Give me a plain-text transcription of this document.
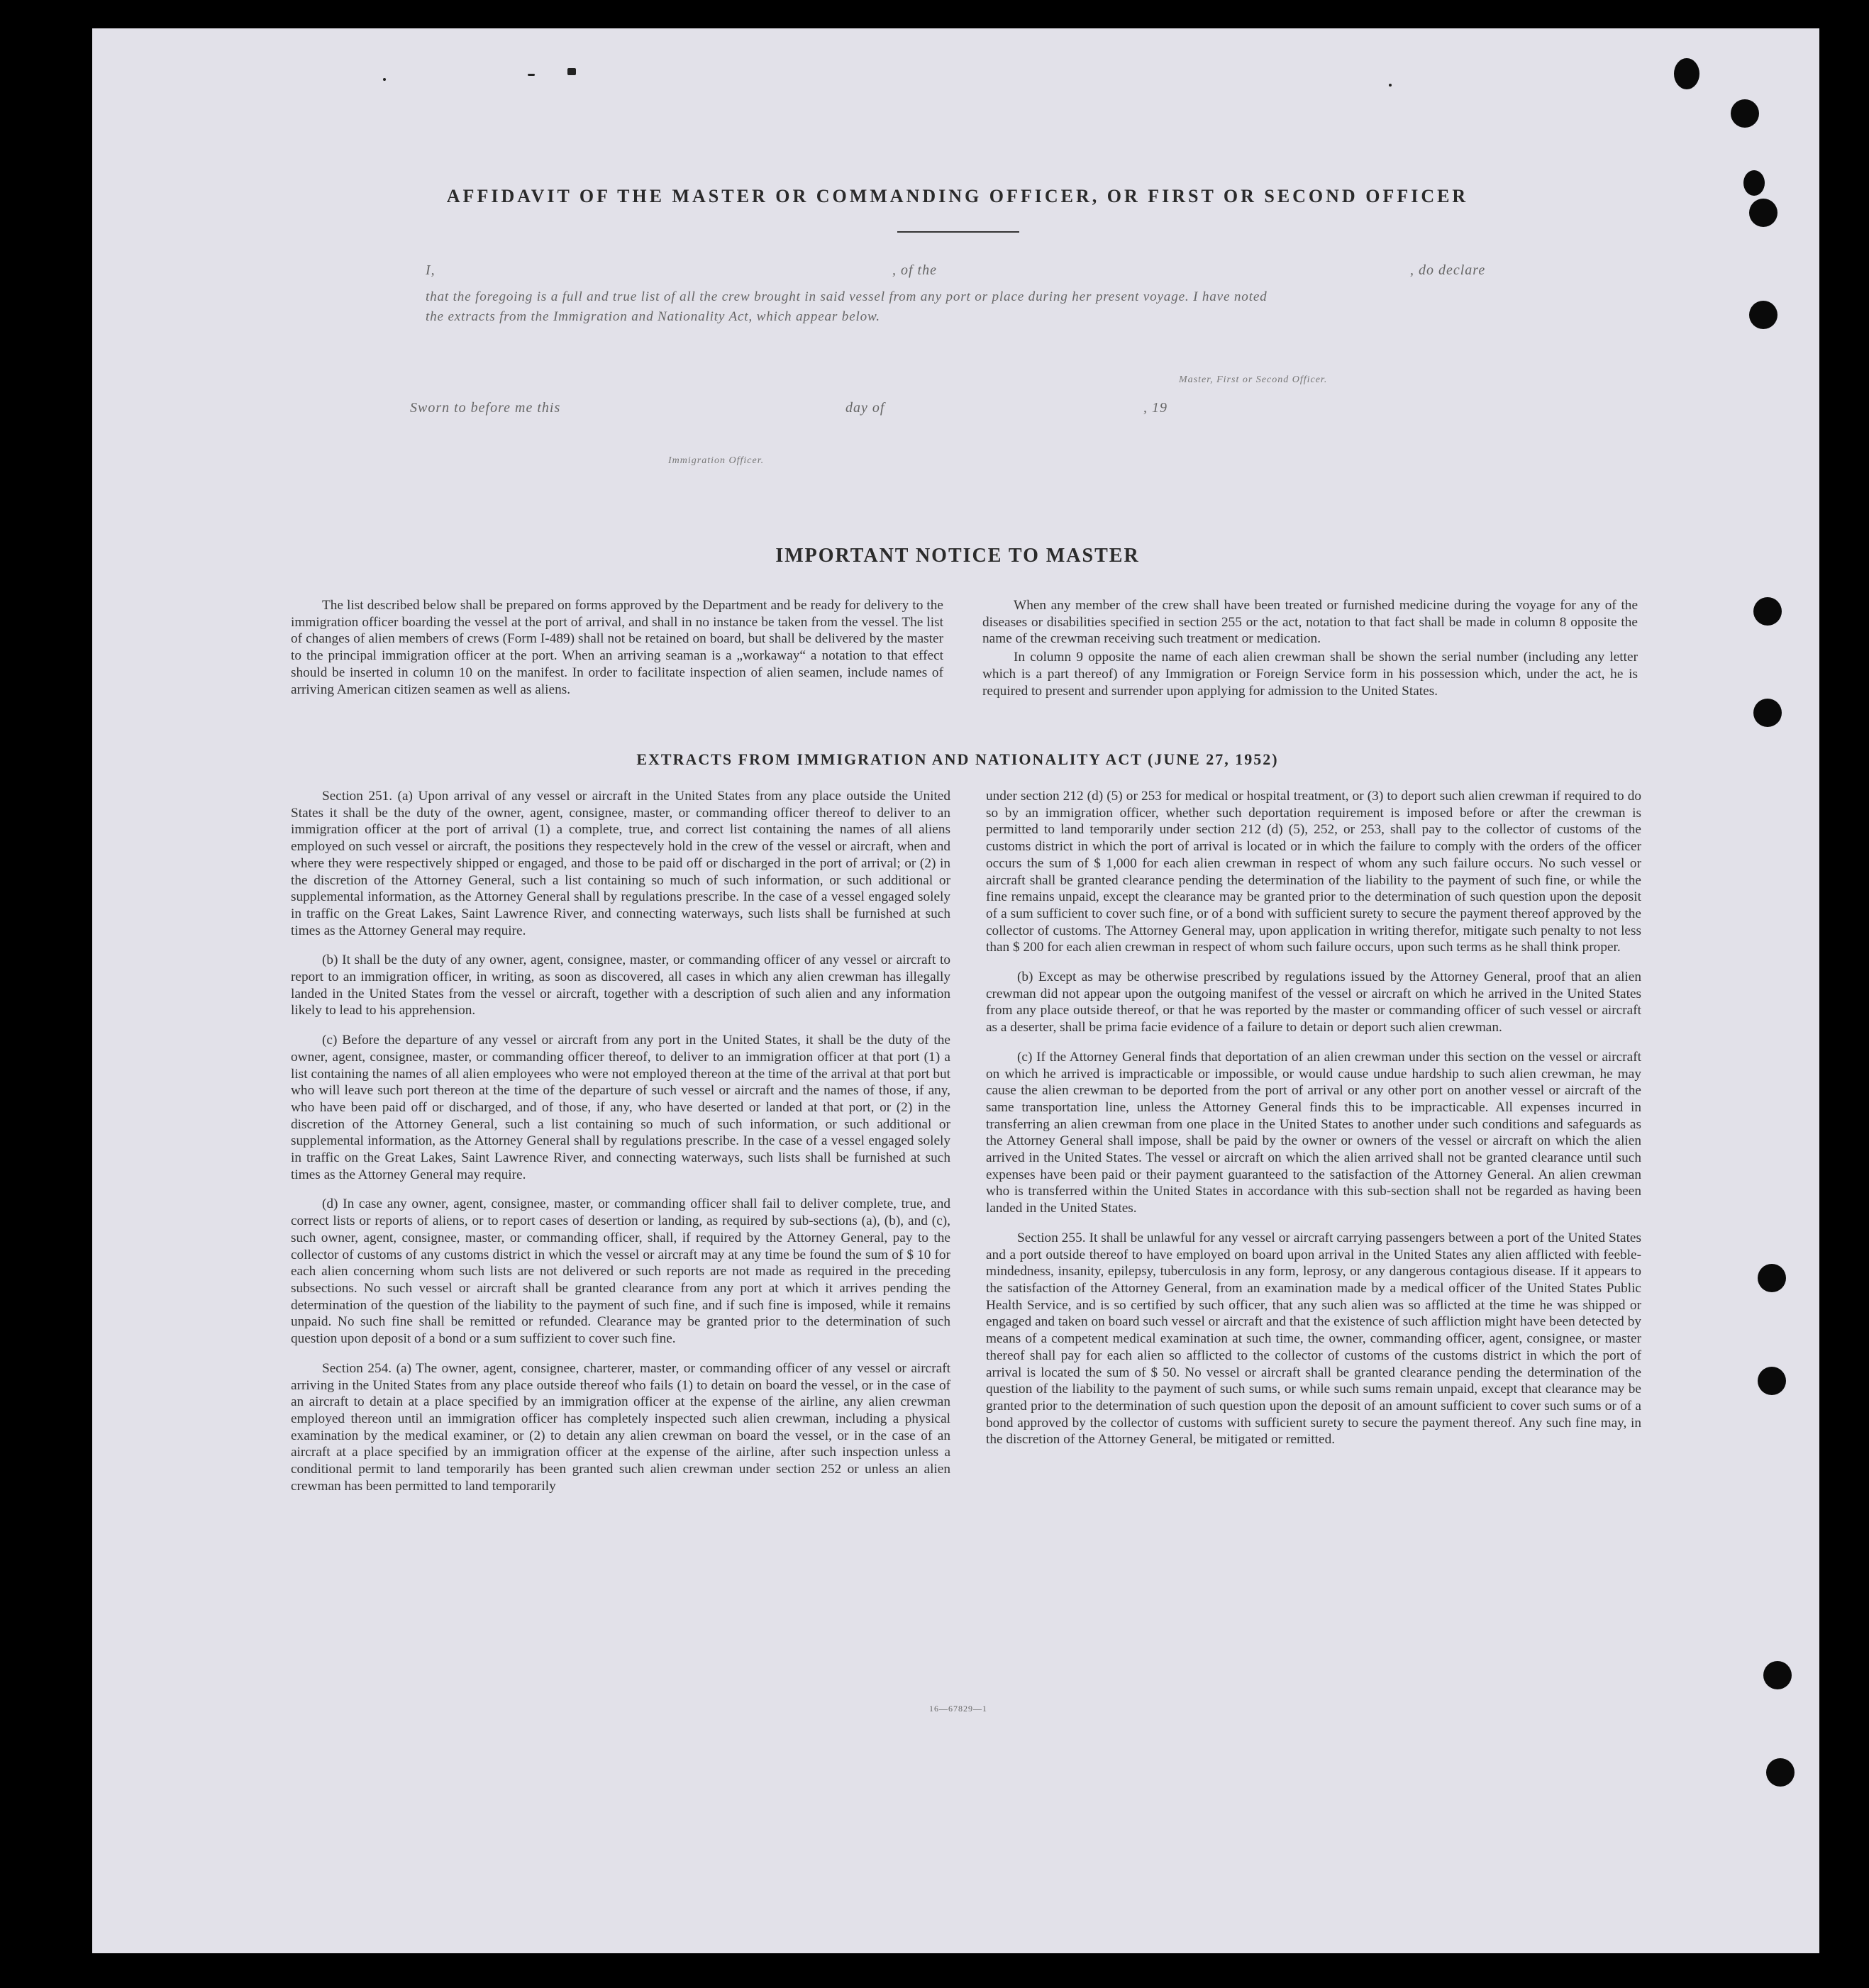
AFFIDAVIT OF THE MASTER OR COMMANDING OFFICER, OR FIRST OR SECOND OFFICER
I,	, of the	, do declare
that the foregoing is a full and true list of all the crew brought in said vessel from any port or place during her present voyage. I have noted
the extracts from the Immigration and Nationality Act, which appear below.
Master, First or Second Officer.
Sworn to before me this	day of	, 19
Immigration Officer.
IMPORTANT NOTICE TO MASTER

The list described below shall be prepared on forms approved by the Department and be ready for delivery to the immigration officer boarding the vessel at the port of arrival, and shall in no instance be taken from the vessel. The list of changes of alien members of crews (Form I-489) shall not be retained on board, but shall be delivered by the master to the principal immigration officer at the port. When an arriving seaman is a „workaway“ a notation to that effect should be inserted in column 10 on the manifest. In order to facilitate inspection of alien seamen, include names of arriving American citizen seamen as well as aliens.

When any member of the crew shall have been treated or furnished medicine during the voyage for any of the diseases or disabilities specified in section 255 or the act, notation to that fact shall be made in column 8 opposite the name of the crewman receiving such treatment or medication.

In column 9 opposite the name of each alien crewman shall be shown the serial number (including any letter which is a part thereof) of any Immigration or Foreign Service form in his possession which, under the act, he is required to present and surrender upon applying for admission to the United States.

EXTRACTS FROM IMMIGRATION AND NATIONALITY ACT (JUNE 27, 1952)

Section 251. (a) Upon arrival of any vessel or aircraft in the United States from any place outside the United States it shall be the duty of the owner, agent, consignee, master, or commanding officer thereof to deliver to an immigration officer at the port of arrival (1) a complete, true, and correct list containing the names of all aliens employed on such vessel or aircraft, the positions they respectevely hold in the crew of the vessel or aircraft, when and where they were respectively shipped or engaged, and those to be paid off or discharged in the port of arrival; or (2) in the discretion of the Attorney General, such a list containing so much of such information, or such additional or supplemental information, as the Attorney General shall by regulations prescribe. In the case of a vessel engaged solely in traffic on the Great Lakes, Saint Lawrence River, and connecting waterways, such lists shall be furnished at such times as the Attorney General may require.

(b) It shall be the duty of any owner, agent, consignee, master, or commanding officer of any vessel or aircraft to report to an immigration officer, in writing, as soon as discovered, all cases in which any alien crewman has illegally landed in the United States from the vessel or aircraft, together with a description of such alien and any information likely to lead to his apprehension.

(c) Before the departure of any vessel or aircraft from any port in the United States, it shall be the duty of the owner, agent, consignee, master, or commanding officer thereof, to deliver to an immigration officer at that port (1) a list containing the names of all alien employees who were not employed thereon at the time of the arrival at that port but who will leave such port thereon at the time of the departure of such vessel or aircraft and the names of those, if any, who have been paid off or discharged, and of those, if any, who have deserted or landed at that port, or (2) in the discretion of the Attorney General, such a list containing so much of such information, or such additional or supplemental information, as the Attorney General shall by regulations prescribe. In the case of a vessel engaged solely in traffic on the Great Lakes, Saint Lawrence River, and connecting waterways, such lists shall be furnished at such times as the Attorney General may require.

(d) In case any owner, agent, consignee, master, or commanding officer shall fail to deliver complete, true, and correct lists or reports of aliens, or to report cases of desertion or landing, as required by sub-sections (a), (b), and (c), such owner, agent, consignee, master, or commanding officer, shall, if required by the Attorney General, pay to the collector of customs of any customs district in which the vessel or aircraft may at any time be found the sum of $ 10 for each alien concerning whom such lists are not delivered or such reports are not made as required in the preceding subsections. No such vessel or aircraft shall be granted clearance from any port at which it arrives pending the determination of the question of the liability to the payment of such fine, and if such fine is imposed, while it remains unpaid. No such fine shall be remitted or refunded. Clearance may be granted prior to the determination of such question upon deposit of a bond or a sum suffizient to cover such fine.

Section 254. (a) The owner, agent, consignee, charterer, master, or commanding officer of any vessel or aircraft arriving in the United States from any place outside thereof who fails (1) to detain on board the vessel, or in the case of an aircraft to detain at a place specified by an immigration officer at the expense of the airline, any alien crewman employed thereon until an immigration officer has completely inspected such alien crewman, including a physical examination by the medical examiner, or (2) to detain any alien crewman on board the vessel, or in the case of an aircraft at a place specified by an immigration officer at the expense of the airline, after such inspection unless a conditional permit to land temporarily has been granted such alien crewman under section 252 or unless an alien crewman has been permitted to land temporarily

under section 212 (d) (5) or 253 for medical or hospital treatment, or (3) to deport such alien crewman if required to do so by an immigration officer, whether such deportation requirement is imposed before or after the crewman is permitted to land temporarily under section 212 (d) (5), 252, or 253, shall pay to the collector of customs of the customs district in which the port of arrival is located or in which the failure to comply with the orders of the officer occurs the sum of $ 1,000 for each alien crewman in respect of whom any such failure occurs. No such vessel or aircraft shall be granted clearance pending the determination of the liability to the payment of such fine, or while the fine remains unpaid, except the clearance may be granted prior to the determination of such question upon the deposit of a sum sufficient to cover such fine, or of a bond with sufficient surety to secure the payment thereof approved by the collector of customs. The Attorney General may, upon application in writing therefor, mitigate such penalty to not less than $ 200 for each alien crewman in respect of whom such failure occurs, upon such terms as he shall think proper.

(b) Except as may be otherwise prescribed by regulations issued by the Attorney General, proof that an alien crewman did not appear upon the outgoing manifest of the vessel or aircraft on which he arrived in the United States from any place outside thereof, or that he was reported by the master or commanding officer of such vessel or aircraft as a deserter, shall be prima facie evidence of a failure to detain or deport such alien crewman.

(c) If the Attorney General finds that deportation of an alien crewman under this section on the vessel or aircraft on which he arrived is impracticable or impossible, or would cause undue hardship to such alien crewman, he may cause the alien crewman to be deported from the port of arrival or any other port on another vessel or aircraft of the same transportation line, unless the Attorney General finds this to be impracticable. All expenses incurred in transferring an alien crewman from one place in the United States to another under such conditions and safeguards as the Attorney General shall impose, shall be paid by the owner or owners of the vessel or aircraft on which the alien arrived in the United States. The vessel or aircraft on which the alien arrived shall not be granted clearance until such expenses have been paid or their payment guaranteed to the satisfaction of the Attorney General. An alien crewman who is transferred within the United States in accordance with this sub-section shall not be regarded as having been landed in the United States.

Section 255. It shall be unlawful for any vessel or aircraft carrying passengers between a port of the United States and a port outside thereof to have employed on board upon arrival in the United States any alien afflicted with feeble-mindedness, insanity, epilepsy, tuberculosis in any form, leprosy, or any dangerous contagious disease. If it appears to the satisfaction of the Attorney General, from an examination made by a medical officer of the United States Public Health Service, and is so certified by such officer, that any such alien was so afflicted at the time he was shipped or engaged and taken on board such vessel or aircraft and that the existence of such affliction might have been detected by means of a competent medical examination at such time, the owner, commanding officer, agent, consignee, or master thereof shall pay for each alien so afflicted to the collector of customs of the customs district in which the port of arrival is located the sum of $ 50. No vessel or aircraft shall be granted clearance pending the determination of the question of the liability to the payment of such sums, or while such sums remain unpaid, except that clearance may be granted prior to the determination of such question upon the deposit of an amount sufficient to cover such sums or of a bond approved by the collector of customs with sufficient surety to secure the payment thereof. Any such fine may, in the discretion of the Attorney General, be mitigated or remitted.

16—67829—1
